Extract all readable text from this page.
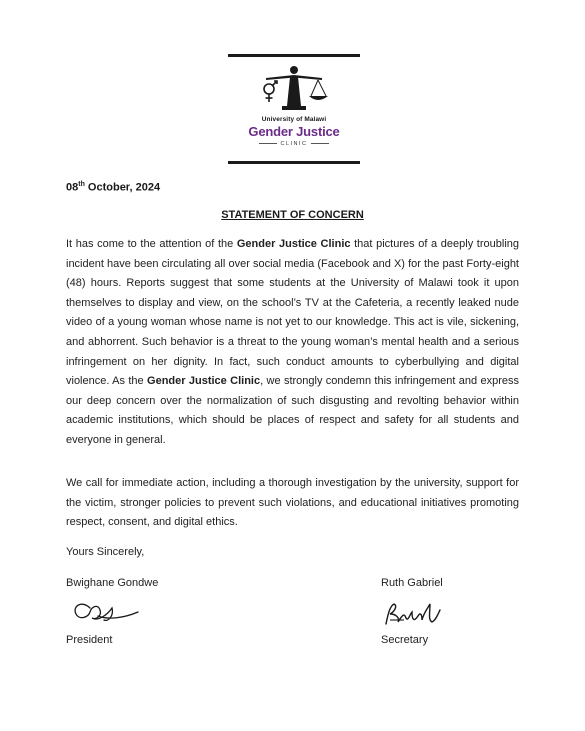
University of Malawi
Gender Justice
CLINIC
08th October, 2024
STATEMENT OF CONCERN
It has come to the attention of the Gender Justice Clinic that pictures of a deeply troubling incident have been circulating all over social media (Facebook and X) for the past Forty-eight (48) hours. Reports suggest that some students at the University of Malawi took it upon themselves to display and view, on the school’s TV at the Cafeteria, a recently leaked nude video of a young woman whose name is not yet to our knowledge. This act is vile, sickening, and abhorrent. Such behavior is a threat to the young woman’s mental health and a serious infringement on her dignity. In fact, such conduct amounts to cyberbullying and digital violence. As the Gender Justice Clinic, we strongly condemn this infringement and express our deep concern over the normalization of such disgusting and revolting behavior within academic institutions, which should be places of respect and safety for all students and everyone in general.
We call for immediate action, including a thorough investigation by the university, support for the victim, stronger policies to prevent such violations, and educational initiatives promoting respect, consent, and digital ethics.
Yours Sincerely,
Bwighane Gondwe	Ruth Gabriel
President	Secretary
